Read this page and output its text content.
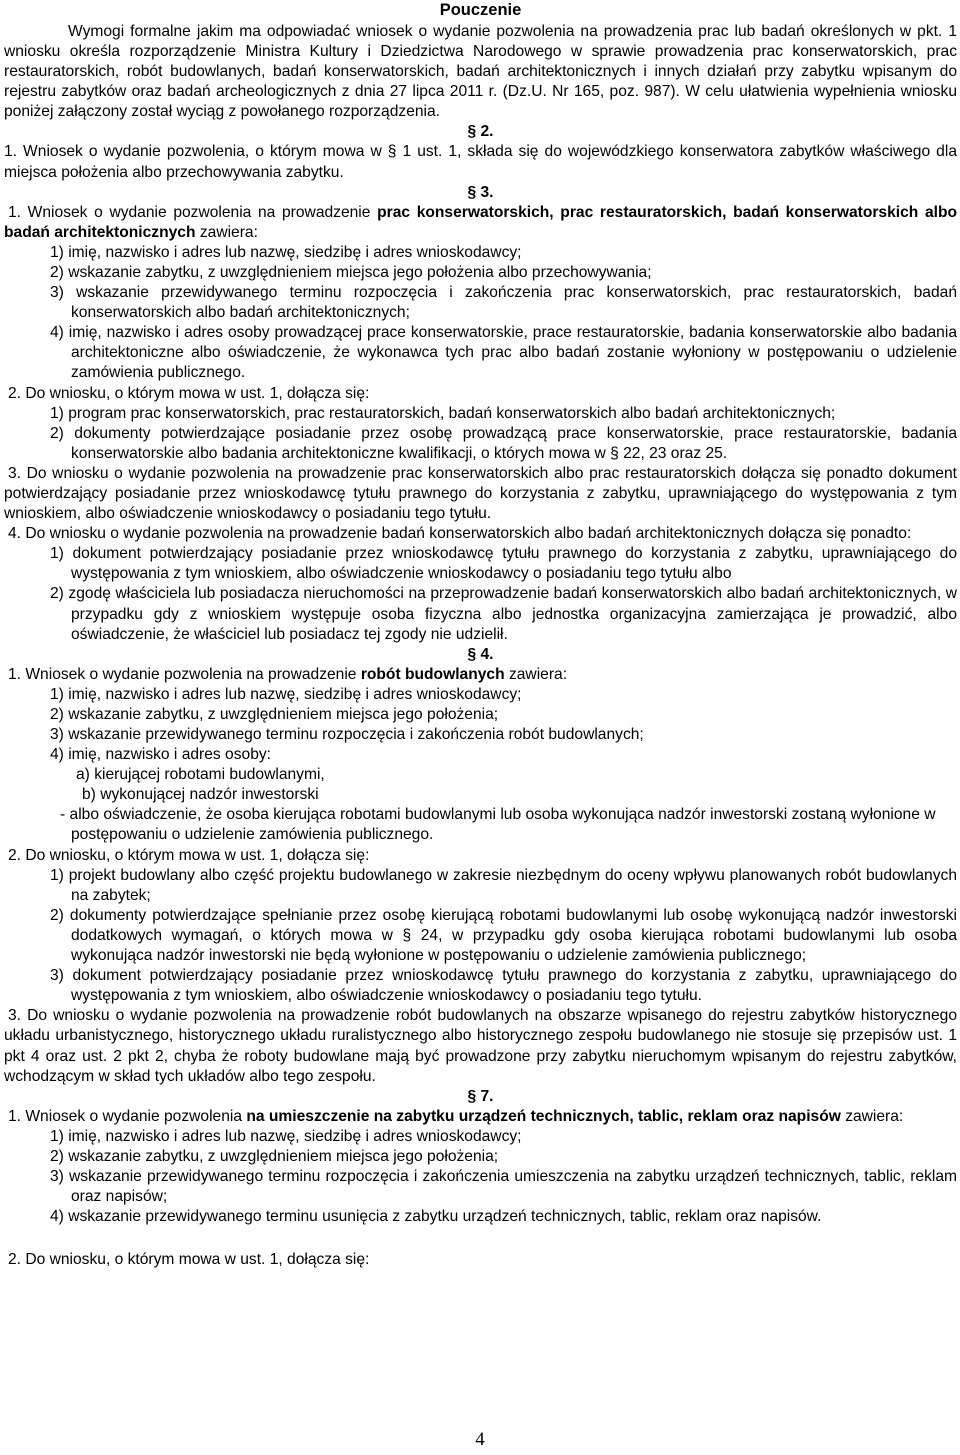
Pouczenie
Wymogi formalne jakim ma odpowiadać wniosek o wydanie pozwolenia na prowadzenia prac lub badań określonych w pkt. 1 wniosku określa rozporządzenie Ministra Kultury i Dziedzictwa Narodowego w sprawie prowadzenia prac konserwatorskich, prac restauratorskich, robót budowlanych, badań konserwatorskich, badań architektonicznych i innych działań przy zabytku wpisanym do rejestru zabytków oraz badań archeologicznych z dnia 27 lipca 2011 r. (Dz.U. Nr 165, poz. 987). W celu ułatwienia wypełnienia wniosku poniżej załączony został wyciąg z powołanego rozporządzenia.
§ 2.
1. Wniosek o wydanie pozwolenia, o którym mowa w § 1 ust. 1, składa się do wojewódzkiego konserwatora zabytków właściwego dla miejsca położenia albo przechowywania zabytku.
§ 3.
1. Wniosek o wydanie pozwolenia na prowadzenie prac konserwatorskich, prac restauratorskich, badań konserwatorskich albo badań architektonicznych zawiera:
1) imię, nazwisko i adres lub nazwę, siedzibę i adres wnioskodawcy;
2) wskazanie zabytku, z uwzględnieniem miejsca jego położenia albo przechowywania;
3) wskazanie przewidywanego terminu rozpoczęcia i zakończenia prac konserwatorskich, prac restauratorskich, badań konserwatorskich albo badań architektonicznych;
4) imię, nazwisko i adres osoby prowadzącej prace konserwatorskie, prace restauratorskie, badania konserwatorskie albo badania architektoniczne albo oświadczenie, że wykonawca tych prac albo badań zostanie wyłoniony w postępowaniu o udzielenie zamówienia publicznego.
2. Do wniosku, o którym mowa w ust. 1, dołącza się:
1) program prac konserwatorskich, prac restauratorskich, badań konserwatorskich albo badań architektonicznych;
2) dokumenty potwierdzające posiadanie przez osobę prowadzącą prace konserwatorskie, prace restauratorskie, badania konserwatorskie albo badania architektoniczne kwalifikacji, o których mowa w § 22, 23 oraz 25.
3. Do wniosku o wydanie pozwolenia na prowadzenie prac konserwatorskich albo prac restauratorskich dołącza się ponadto dokument potwierdzający posiadanie przez wnioskodawcę tytułu prawnego do korzystania z zabytku, uprawniającego do występowania z tym wnioskiem, albo oświadczenie wnioskodawcy o posiadaniu tego tytułu.
4. Do wniosku o wydanie pozwolenia na prowadzenie badań konserwatorskich albo badań architektonicznych dołącza się ponadto:
1) dokument potwierdzający posiadanie przez wnioskodawcę tytułu prawnego do korzystania z zabytku, uprawniającego do występowania z tym wnioskiem, albo oświadczenie wnioskodawcy o posiadaniu tego tytułu albo
2) zgodę właściciela lub posiadacza nieruchomości na przeprowadzenie badań konserwatorskich albo badań architektonicznych, w przypadku gdy z wnioskiem występuje osoba fizyczna albo jednostka organizacyjna zamierzająca je prowadzić, albo oświadczenie, że właściciel lub posiadacz tej zgody nie udzielił.
§ 4.
1. Wniosek o wydanie pozwolenia na prowadzenie robót budowlanych zawiera:
1) imię, nazwisko i adres lub nazwę, siedzibę i adres wnioskodawcy;
2) wskazanie zabytku, z uwzględnieniem miejsca jego położenia;
3) wskazanie przewidywanego terminu rozpoczęcia i zakończenia robót budowlanych;
4) imię, nazwisko i adres osoby:
a) kierującej robotami budowlanymi,
b) wykonującej nadzór inwestorski
- albo oświadczenie, że osoba kierująca robotami budowlanymi lub osoba wykonująca nadzór inwestorski zostaną wyłonione w postępowaniu o udzielenie zamówienia publicznego.
2. Do wniosku, o którym mowa w ust. 1, dołącza się:
1) projekt budowlany albo część projektu budowlanego w zakresie niezbędnym do oceny wpływu planowanych robót budowlanych na zabytek;
2) dokumenty potwierdzające spełnianie przez osobę kierującą robotami budowlanymi lub osobę wykonującą nadzór inwestorski dodatkowych wymagań, o których mowa w § 24, w przypadku gdy osoba kierująca robotami budowlanymi lub osoba wykonująca nadzór inwestorski nie będą wyłonione w postępowaniu o udzielenie zamówienia publicznego;
3) dokument potwierdzający posiadanie przez wnioskodawcę tytułu prawnego do korzystania z zabytku, uprawniającego do występowania z tym wnioskiem, albo oświadczenie wnioskodawcy o posiadaniu tego tytułu.
3. Do wniosku o wydanie pozwolenia na prowadzenie robót budowlanych na obszarze wpisanego do rejestru zabytków historycznego układu urbanistycznego, historycznego układu ruralistycznego albo historycznego zespołu budowlanego nie stosuje się przepisów ust. 1 pkt 4 oraz ust. 2 pkt 2, chyba że roboty budowlane mają być prowadzone przy zabytku nieruchomym wpisanym do rejestru zabytków, wchodzącym w skład tych układów albo tego zespołu.
§ 7.
1. Wniosek o wydanie pozwolenia na umieszczenie na zabytku urządzeń technicznych, tablic, reklam oraz napisów zawiera:
1) imię, nazwisko i adres lub nazwę, siedzibę i adres wnioskodawcy;
2) wskazanie zabytku, z uwzględnieniem miejsca jego położenia;
3) wskazanie przewidywanego terminu rozpoczęcia i zakończenia umieszczenia na zabytku urządzeń technicznych, tablic, reklam oraz napisów;
4) wskazanie przewidywanego terminu usunięcia z zabytku urządzeń technicznych, tablic, reklam oraz napisów.
2. Do wniosku, o którym mowa w ust. 1, dołącza się:
4
